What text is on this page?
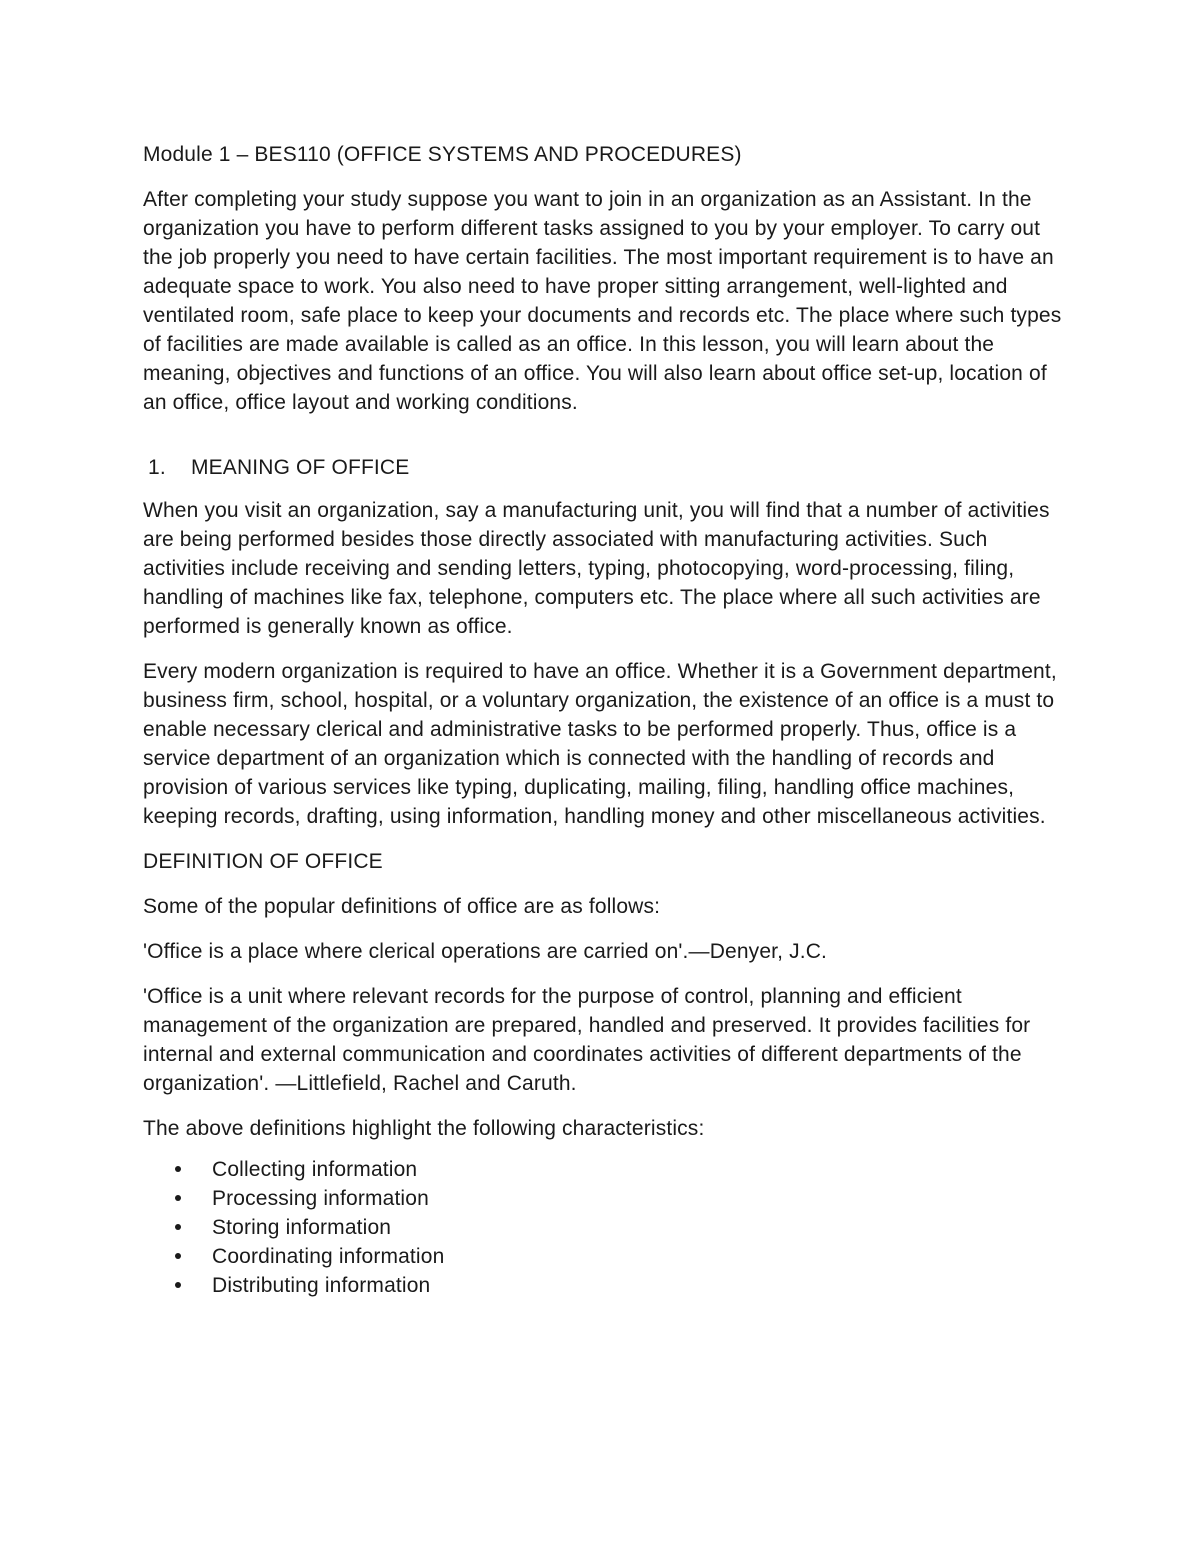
Module 1 – BES110 (OFFICE SYSTEMS AND PROCEDURES)
After completing your study suppose you want to join in an organization as an Assistant. In the organization you have to perform different tasks assigned to you by your employer. To carry out the job properly you need to have certain facilities. The most important requirement is to have an adequate space to work. You also need to have proper sitting arrangement, well-lighted and ventilated room, safe place to keep your documents and records etc. The place where such types of facilities are made available is called as an office. In this lesson, you will learn about the meaning, objectives and functions of an office. You will also learn about office set-up, location of an office, office layout and working conditions.
1. MEANING OF OFFICE
When you visit an organization, say a manufacturing unit, you will find that a number of activities are being performed besides those directly associated with manufacturing activities. Such activities include receiving and sending letters, typing, photocopying, word-processing, filing, handling of machines like fax, telephone, computers etc. The place where all such activities are performed is generally known as office.
Every modern organization is required to have an office. Whether it is a Government department, business firm, school, hospital, or a voluntary organization, the existence of an office is a must to enable necessary clerical and administrative tasks to be performed properly. Thus, office is a service department of an organization which is connected with the handling of records and provision of various services like typing, duplicating, mailing, filing, handling office machines, keeping records, drafting, using information, handling money and other miscellaneous activities.
DEFINITION OF OFFICE
Some of the popular definitions of office are as follows:
'Office is a place where clerical operations are carried on'.—Denyer, J.C.
'Office is a unit where relevant records for the purpose of control, planning and efficient management of the organization are prepared, handled and preserved. It provides facilities for internal and external communication and coordinates activities of different departments of the organization'. —Littlefield, Rachel and Caruth.
The above definitions highlight the following characteristics:
Collecting information
Processing information
Storing information
Coordinating information
Distributing information
